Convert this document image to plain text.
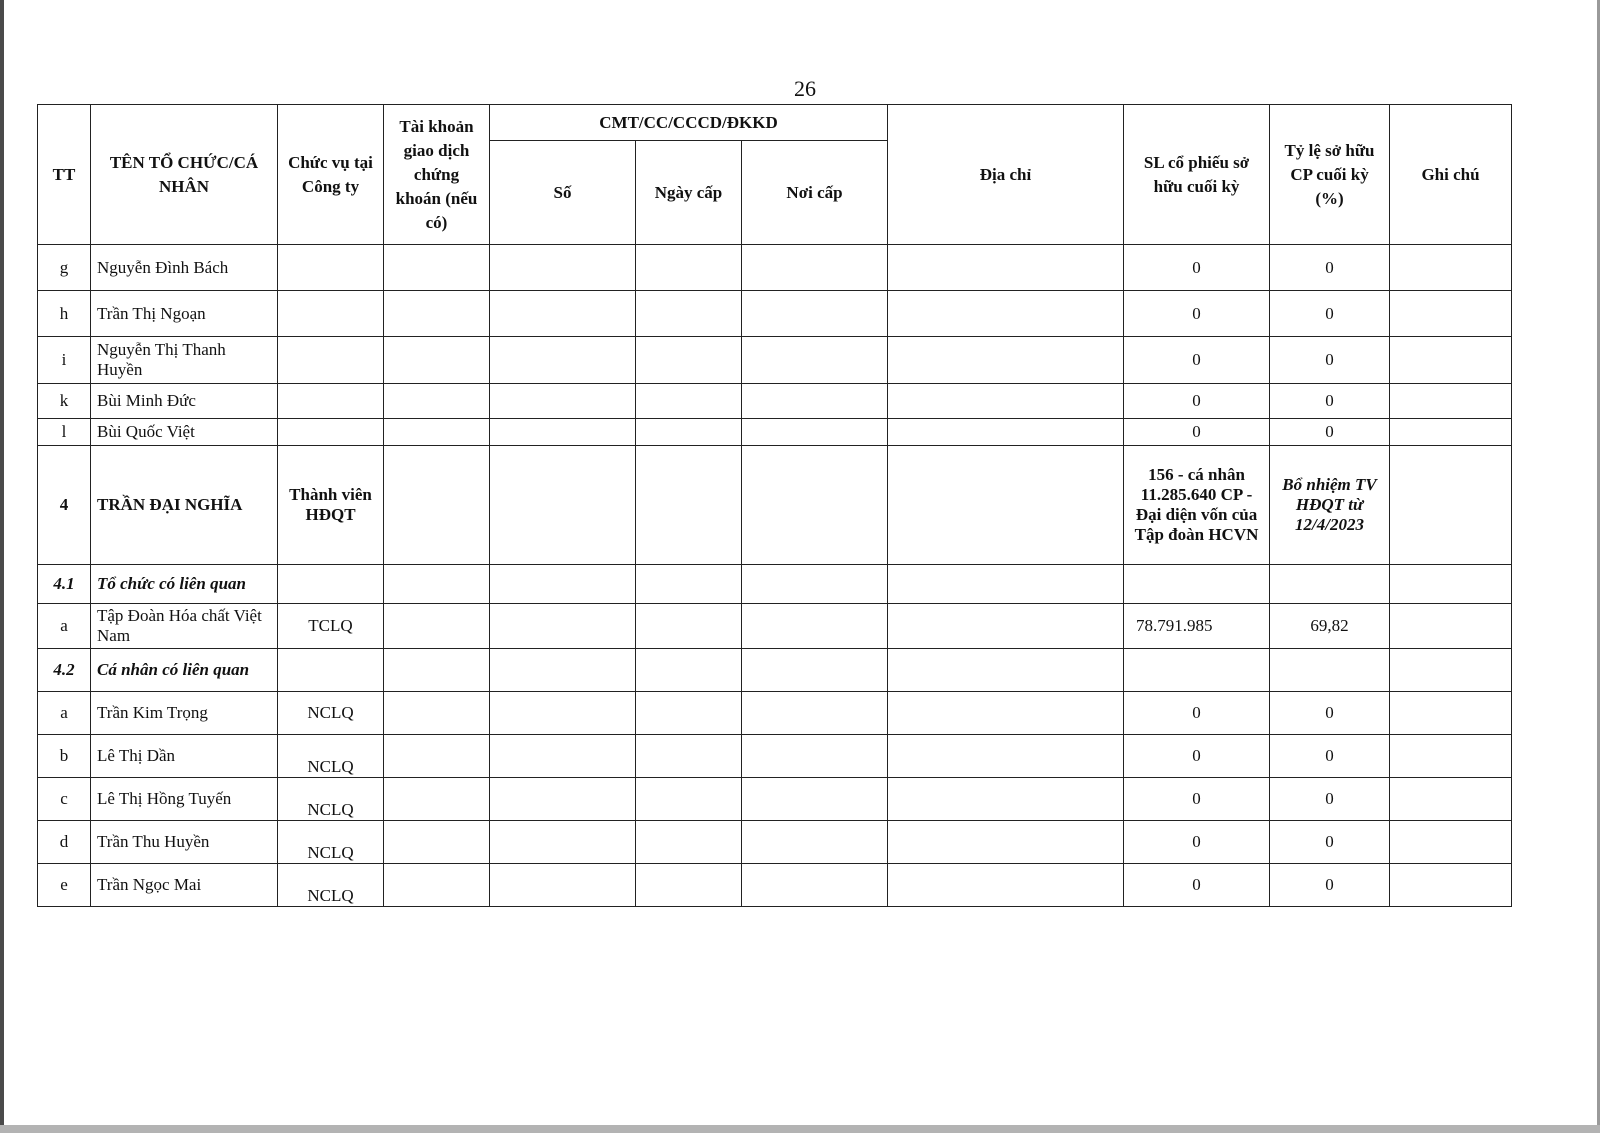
26
TT	TÊN TỔ CHỨC/CÁ NHÂN	Chức vụ tại Công ty	Tài khoản giao dịch chứng khoán (nếu có)	CMT/CC/CCCD/ĐKKD			Địa chỉ	SL cổ phiếu sở hữu cuối kỳ	Tỷ lệ sở hữu CP cuối kỳ (%)	Ghi chú
				Số	Ngày cấp	Nơi cấp				
g	Nguyễn Đình Bách							0	0	
h	Trần Thị Ngoạn							0	0	
i	Nguyễn Thị Thanh Huyền							0	0	
k	Bùi Minh Đức							0	0	
l	Bùi Quốc Việt							0	0	
4	TRẦN ĐẠI NGHĨA	Thành viên HĐQT						156 - cá nhân 11.285.640 CP - Đại diện vốn của Tập đoàn HCVN	Bổ nhiệm TV HĐQT từ 12/4/2023	
4.1	Tổ chức có liên quan									
a	Tập Đoàn Hóa chất Việt Nam	TCLQ						78.791.985	69,82	
4.2	Cá nhân có liên quan									
a	Trần Kim Trọng	NCLQ						0	0	
b	Lê Thị Dần	NCLQ						0	0	
c	Lê Thị Hồng Tuyến	NCLQ						0	0	
d	Trần Thu Huyền	NCLQ						0	0	
e	Trần Ngọc Mai	NCLQ						0	0	
